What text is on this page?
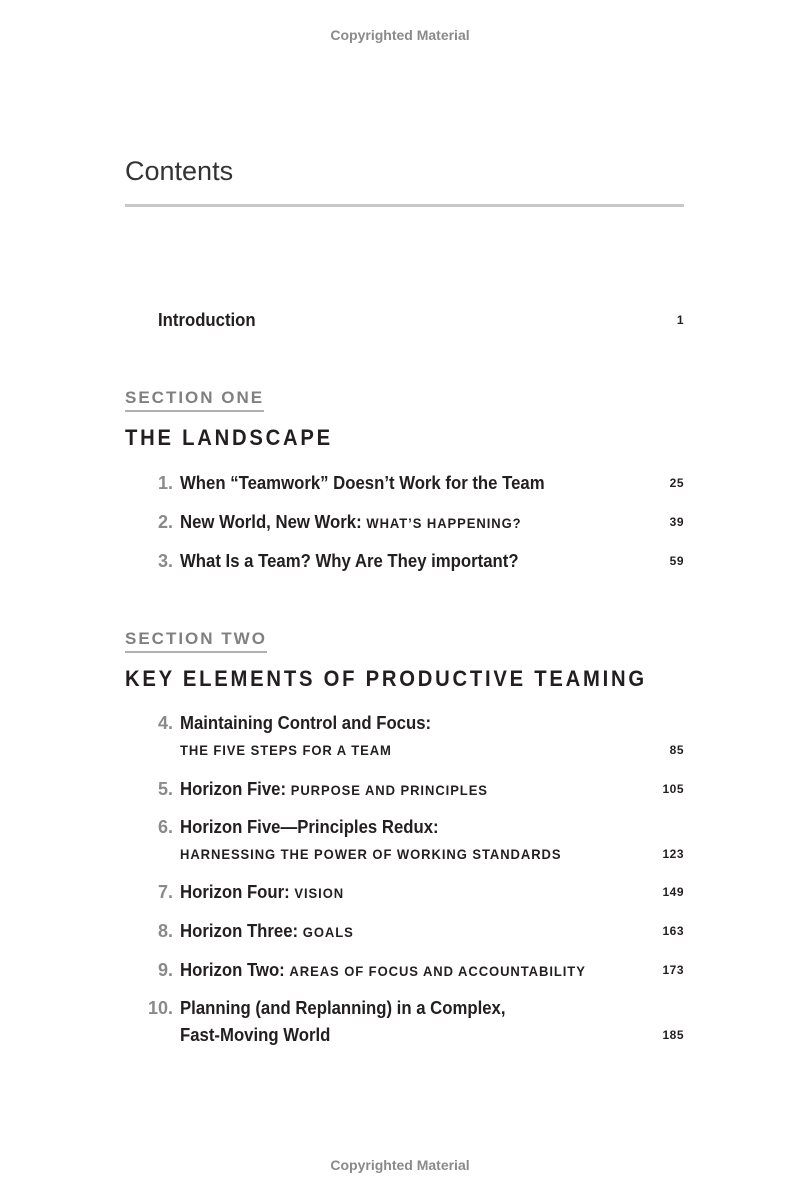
Copyrighted Material
Contents
Introduction	1
SECTION ONE
THE LANDSCAPE
1. When “Teamwork” Doesn’t Work for the Team	25
2. New World, New Work: WHAT’S HAPPENING?	39
3. What Is a Team? Why Are They important?	59
SECTION TWO
KEY ELEMENTS OF PRODUCTIVE TEAMING
4. Maintaining Control and Focus:
THE FIVE STEPS FOR A TEAM	85
5. Horizon Five: PURPOSE AND PRINCIPLES	105
6. Horizon Five—Principles Redux:
HARNESSING THE POWER OF WORKING STANDARDS	123
7. Horizon Four: VISION	149
8. Horizon Three: GOALS	163
9. Horizon Two: AREAS OF FOCUS AND ACCOUNTABILITY	173
10. Planning (and Replanning) in a Complex,
Fast-Moving World	185
Copyrighted Material
